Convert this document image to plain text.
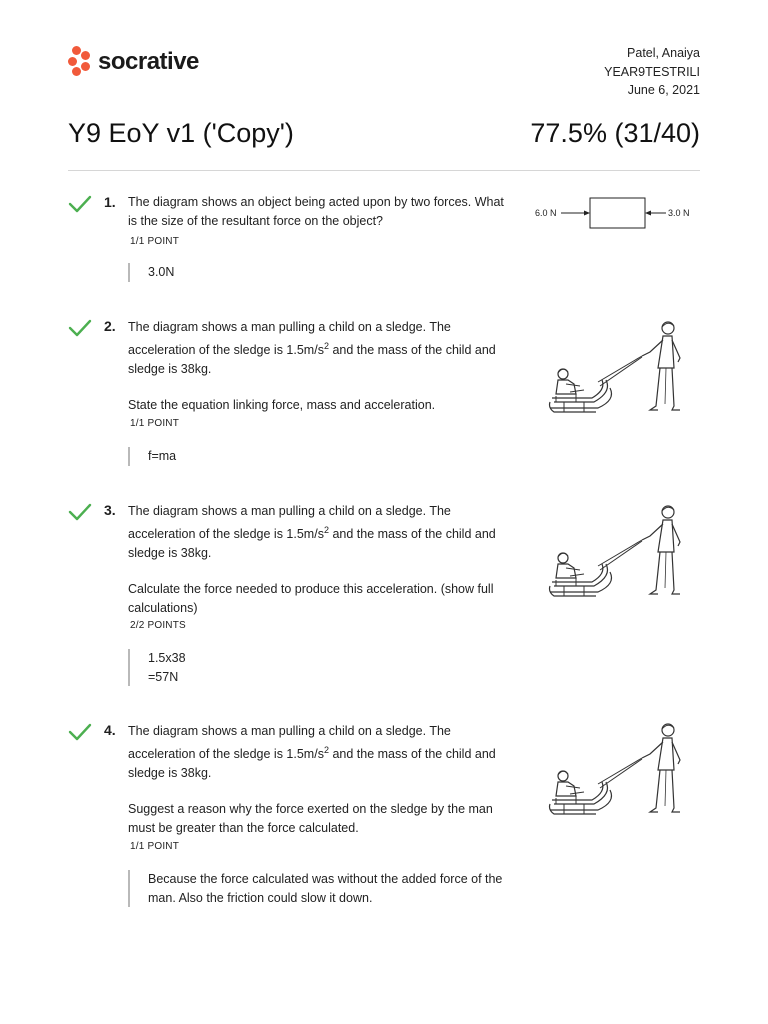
socrative	Patel, Anaiya
YEAR9TESTRILI
June 6, 2021
Y9 EoY v1 ('Copy')	77.5% (31/40)
1. The diagram shows an object being acted upon by two forces. What is the size of the resultant force on the object?

1/1 POINT
3.0N
6.0 N	3.0 N
2. The diagram shows a man pulling a child on a sledge. The acceleration of the sledge is $1.5m/s^2$ and the mass of the child and sledge is 38kg.

State the equation linking force, mass and acceleration.

1/1 POINT
f=ma
3. The diagram shows a man pulling a child on a sledge. The acceleration of the sledge is $1.5m/s^2$ and the mass of the child and sledge is 38kg.

Calculate the force needed to produce this acceleration. (show full calculations)

2/2 POINTS
1.5x38
=57N
4. The diagram shows a man pulling a child on a sledge. The acceleration of the sledge is $1.5m/s^2$ and the mass of the child and sledge is 38kg.

Suggest a reason why the force exerted on the sledge by the man must be greater than the force calculated.

1/1 POINT
Because the force calculated was without the added force of the man. Also the friction could slow it down.
